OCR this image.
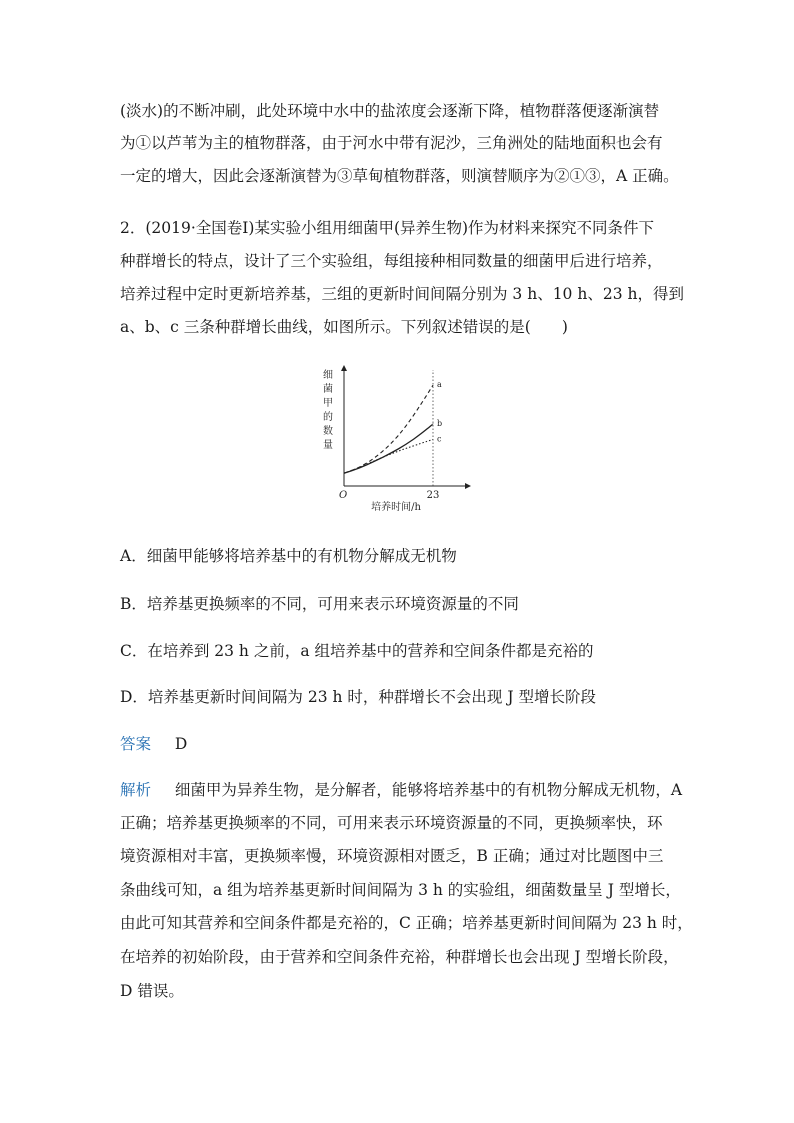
(淡水)的不断冲刷，此处环境中水中的盐浓度会逐渐下降，植物群落便逐渐演替
为①以芦苇为主的植物群落，由于河水中带有泥沙，三角洲处的陆地面积也会有
一定的增大，因此会逐渐演替为③草甸植物群落，则演替顺序为②①③，A 正确。
2．(2019·全国卷Ⅰ)某实验小组用细菌甲(异养生物)作为材料来探究不同条件下
种群增长的特点，设计了三个实验组，每组接种相同数量的细菌甲后进行培养，
培养过程中定时更新培养基，三组的更新时间间隔分别为 3 h、10 h、23 h，得到
a、b、c 三条种群增长曲线，如图所示。下列叙述错误的是(　　)
细
菌
甲
的
数
量
O	23
培养时间/h
a
b
c
A．细菌甲能够将培养基中的有机物分解成无机物
B．培养基更换频率的不同，可用来表示环境资源量的不同
C．在培养到 23 h 之前，a 组培养基中的营养和空间条件都是充裕的
D．培养基更新时间间隔为 23 h 时，种群增长不会出现 J 型增长阶段
答案 D
解析 细菌甲为异养生物，是分解者，能够将培养基中的有机物分解成无机物，A
正确；培养基更换频率的不同，可用来表示环境资源量的不同，更换频率快，环
境资源相对丰富，更换频率慢，环境资源相对匮乏，B 正确；通过对比题图中三
条曲线可知，a 组为培养基更新时间间隔为 3 h 的实验组，细菌数量呈 J 型增长，
由此可知其营养和空间条件都是充裕的，C 正确；培养基更新时间间隔为 23 h 时，
在培养的初始阶段，由于营养和空间条件充裕，种群增长也会出现 J 型增长阶段，
D 错误。
